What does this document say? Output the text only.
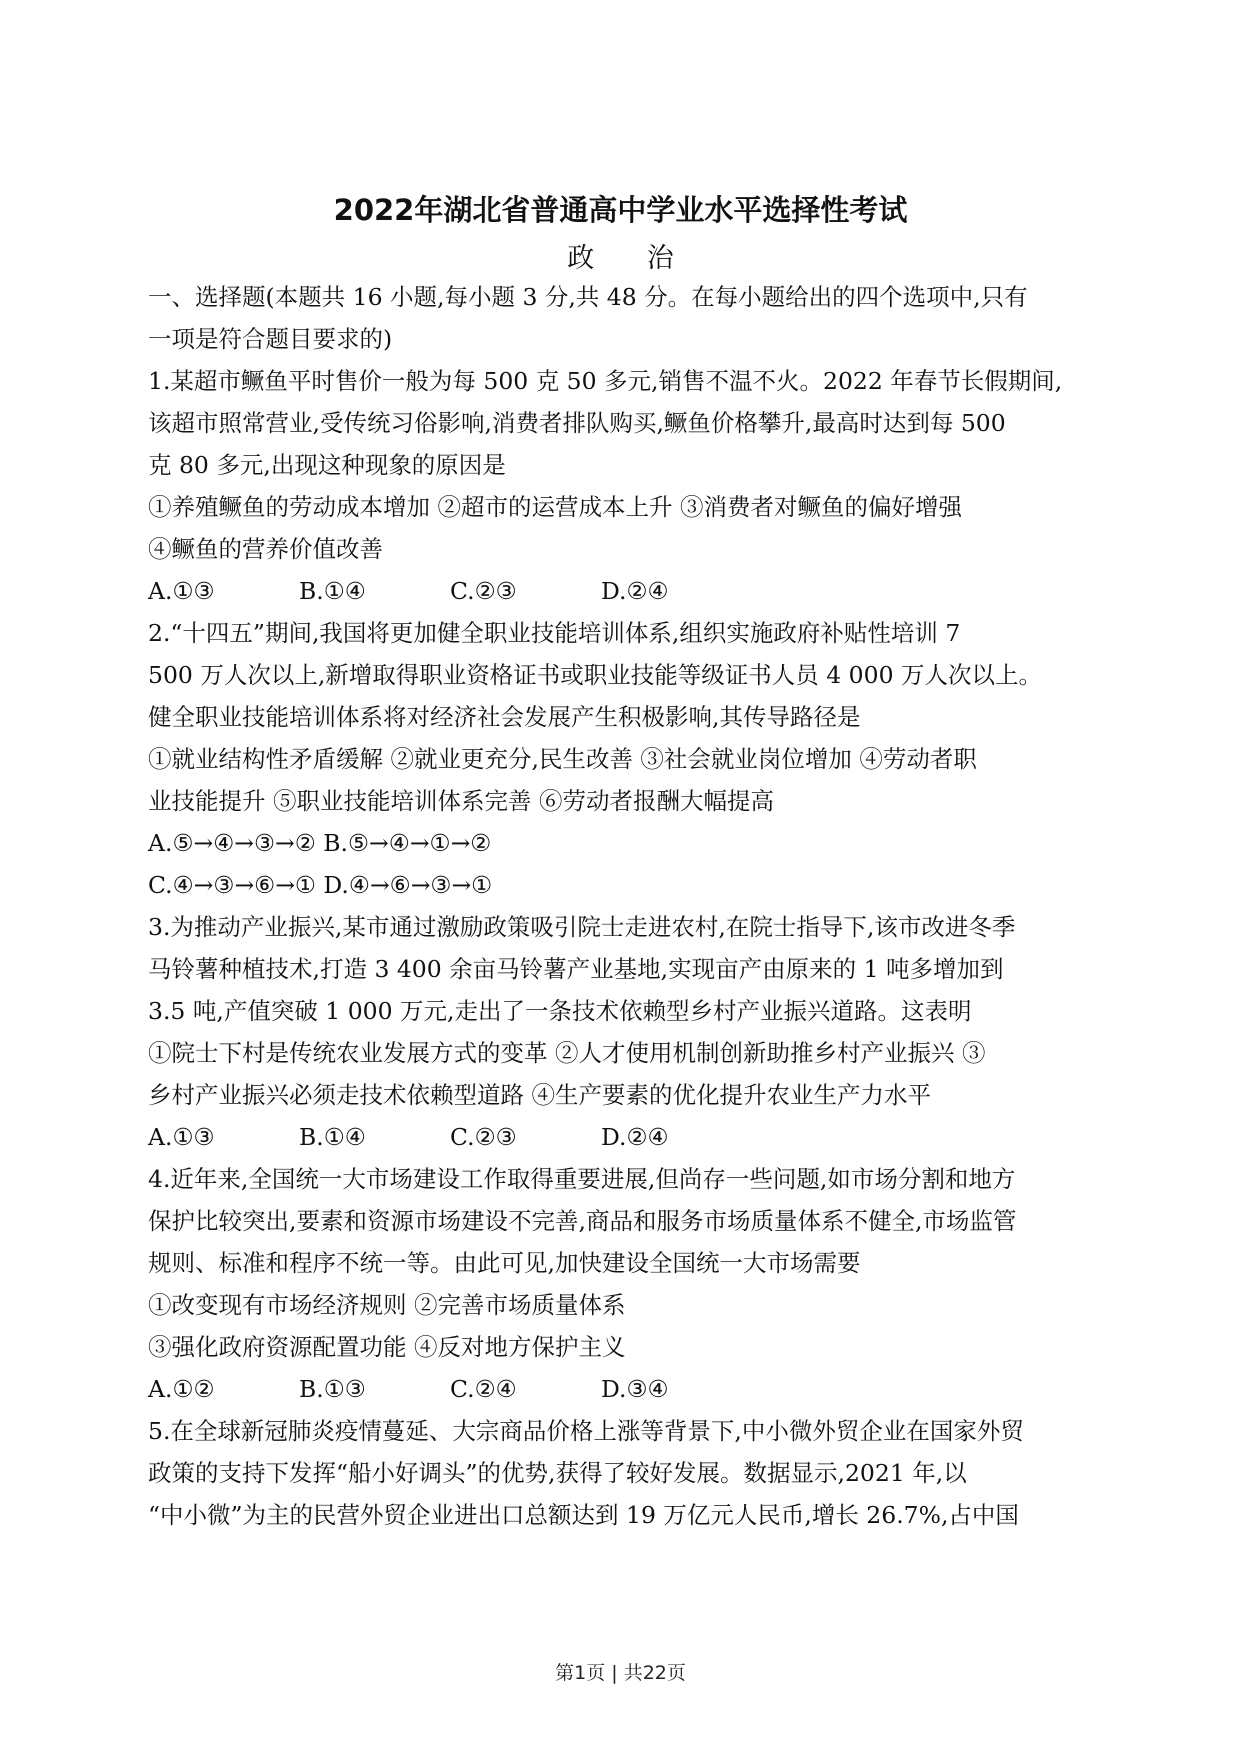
2022年湖北省普通高中学业水平选择性考试
政 治
一、选择题(本题共 16 小题,每小题 3 分,共 48 分。在每小题给出的四个选项中,只有
一项是符合题目要求的)
1.某超市鳜鱼平时售价一般为每 500 克 50 多元,销售不温不火。2022 年春节长假期间,
该超市照常营业,受传统习俗影响,消费者排队购买,鳜鱼价格攀升,最高时达到每 500
克 80 多元,出现这种现象的原因是
①养殖鳜鱼的劳动成本增加 ②超市的运营成本上升 ③消费者对鳜鱼的偏好增强
④鳜鱼的营养价值改善
A.①③	B.①④	C.②③	D.②④
2.“十四五”期间,我国将更加健全职业技能培训体系,组织实施政府补贴性培训 7
500 万人次以上,新增取得职业资格证书或职业技能等级证书人员 4 000 万人次以上。
健全职业技能培训体系将对经济社会发展产生积极影响,其传导路径是
①就业结构性矛盾缓解 ②就业更充分,民生改善 ③社会就业岗位增加 ④劳动者职
业技能提升 ⑤职业技能培训体系完善 ⑥劳动者报酬大幅提高
A.⑤→④→③→② B.⑤→④→①→②
C.④→③→⑥→① D.④→⑥→③→①
3.为推动产业振兴,某市通过激励政策吸引院士走进农村,在院士指导下,该市改进冬季
马铃薯种植技术,打造 3 400 余亩马铃薯产业基地,实现亩产由原来的 1 吨多增加到
3.5 吨,产值突破 1 000 万元,走出了一条技术依赖型乡村产业振兴道路。这表明
①院士下村是传统农业发展方式的变革 ②人才使用机制创新助推乡村产业振兴 ③
乡村产业振兴必须走技术依赖型道路 ④生产要素的优化提升农业生产力水平
A.①③	B.①④	C.②③	D.②④
4.近年来,全国统一大市场建设工作取得重要进展,但尚存一些问题,如市场分割和地方
保护比较突出,要素和资源市场建设不完善,商品和服务市场质量体系不健全,市场监管
规则、标准和程序不统一等。由此可见,加快建设全国统一大市场需要
①改变现有市场经济规则 ②完善市场质量体系
③强化政府资源配置功能 ④反对地方保护主义
A.①②	B.①③	C.②④	D.③④
5.在全球新冠肺炎疫情蔓延、大宗商品价格上涨等背景下,中小微外贸企业在国家外贸
政策的支持下发挥“船小好调头”的优势,获得了较好发展。数据显示,2021 年,以
“中小微”为主的民营外贸企业进出口总额达到 19 万亿元人民币,增长 26.7%,占中国
第1页 | 共22页
